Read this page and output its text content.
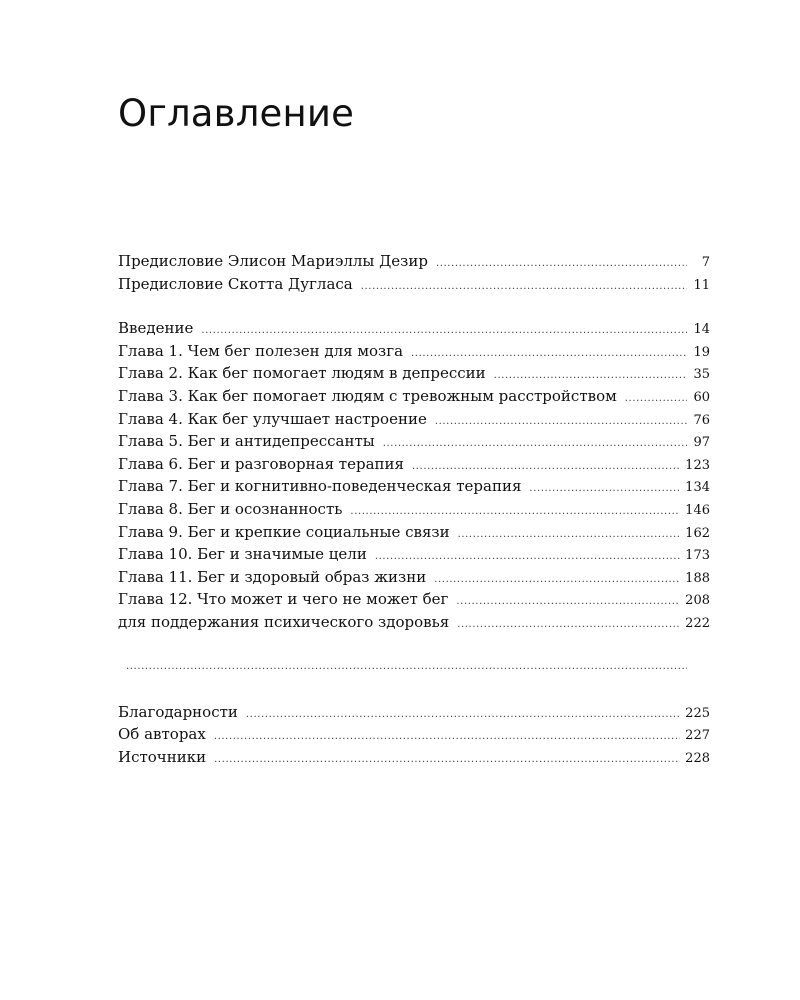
Оглавление
Предисловие Элисон Мариэллы Дезир .....	7
Предисловие Скотта Дугласа .....	11
Введение .....	14
Глава 1. Чем бег полезен для мозга .....	19
Глава 2. Как бег помогает людям в депрессии .....	35
Глава 3. Как бег помогает людям с тревожным расстройством .....	60
Глава 4. Как бег улучшает настроение .....	76
Глава 5. Бег и антидепрессанты .....	97
Глава 6. Бег и разговорная терапия .....	123
Глава 7. Бег и когнитивно-поведенческая терапия .....	134
Глава 8. Бег и осознанность .....	146
Глава 9. Бег и крепкие социальные связи .....	162
Глава 10. Бег и значимые цели .....	173
Глава 11. Бег и здоровый образ жизни .....	188
Глава 12. Что может и чего не может бег .....	208
для поддержания психического здоровья .....	222
.....
Благодарности .....	225
Об авторах .....	227
Источники .....	228
